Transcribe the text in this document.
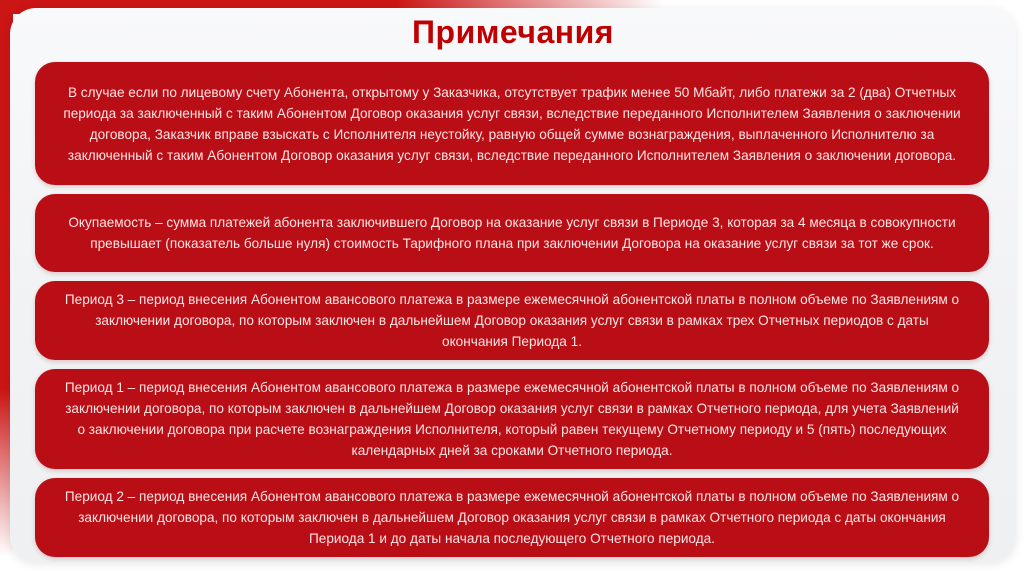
Примечания
В случае если по лицевому счету Абонента, открытому у Заказчика, отсутствует трафик менее 50 Мбайт, либо платежи за 2 (два) Отчетных периода за заключенный с таким Абонентом Договор оказания услуг связи, вследствие переданного Исполнителем Заявления о заключении договора, Заказчик вправе взыскать с Исполнителя неустойку, равную общей сумме вознаграждения, выплаченного Исполнителю за заключенный с таким Абонентом Договор оказания услуг связи, вследствие переданного Исполнителем Заявления о заключении договора.
Окупаемость – сумма платежей абонента заключившего Договор на оказание услуг связи в Периоде 3, которая за 4 месяца в совокупности превышает (показатель больше нуля) стоимость Тарифного плана при заключении Договора на оказание услуг связи за тот же срок.
Период 3 – период внесения Абонентом авансового платежа в размере ежемесячной абонентской платы в полном объеме по Заявлениям о заключении договора, по которым заключен в дальнейшем Договор оказания услуг связи в рамках трех Отчетных периодов с даты окончания Периода 1.
Период 1 – период внесения Абонентом авансового платежа в размере ежемесячной абонентской платы в полном объеме по Заявлениям о заключении договора, по которым заключен в дальнейшем Договор оказания услуг связи в рамках Отчетного периода, для учета Заявлений о заключении договора при расчете вознаграждения Исполнителя, который равен текущему Отчетному периоду и 5 (пять) последующих календарных дней за сроками Отчетного периода.
Период 2 – период внесения Абонентом авансового платежа в размере ежемесячной абонентской платы в полном объеме по Заявлениям о заключении договора, по которым заключен в дальнейшем Договор оказания услуг связи в рамках Отчетного периода с даты окончания Периода 1 и до даты начала последующего Отчетного периода.
